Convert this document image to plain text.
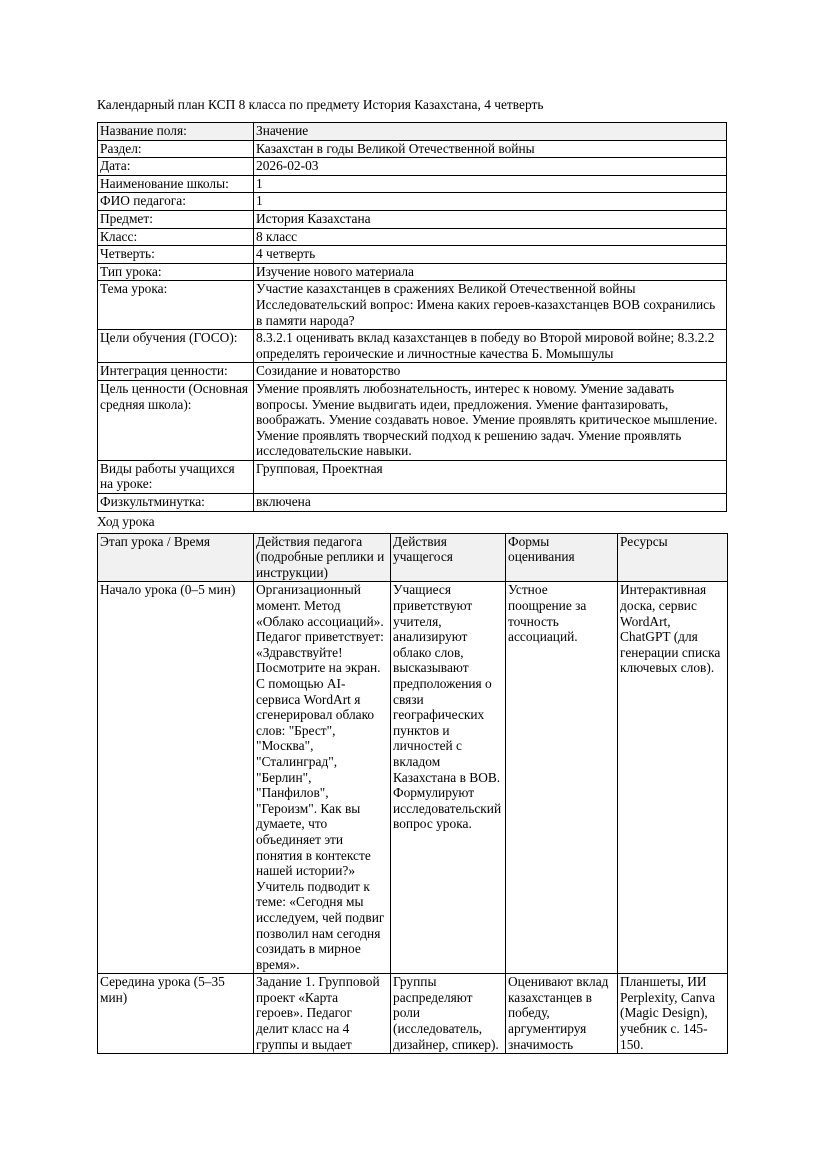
Календарный план КСП 8 класса по предмету История Казахстана, 4 четверть
Название поля:	Значение
Раздел:	Казахстан в годы Великой Отечественной войны
Дата:	2026-02-03
Наименование школы:	1
ФИО педагога:	1
Предмет:	История Казахстана
Класс:	8 класс
Четверть:	4 четверть
Тип урока:	Изучение нового материала
Тема урока:	Участие казахстанцев в сражениях Великой Отечественной войны Исследовательский вопрос: Имена каких героев-казахстанцев ВОВ сохранились в памяти народа?
Цели обучения (ГОСО):	8.3.2.1 оценивать вклад казахстанцев в победу во Второй мировой войне; 8.3.2.2 определять героические и личностные качества Б. Момышулы
Интеграция ценности:	Созидание и новаторство
Цель ценности (Основная средняя школа):	Умение проявлять любознательность, интерес к новому. Умение задавать вопросы. Умение выдвигать идеи, предложения. Умение фантазировать, воображать. Умение создавать новое. Умение проявлять критическое мышление. Умение проявлять творческий подход к решению задач. Умение проявлять исследовательские навыки.
Виды работы учащихся на уроке:	Групповая, Проектная
Физкультминутка:	включена
Ход урока
Этап урока / Время	Действия педагога (подробные реплики и инструкции)	Действия учащегося	Формы оценивания	Ресурсы
Начало урока (0–5 мин)	Организационный момент. Метод «Облако ассоциаций». Педагог приветствует: «Здравствуйте! Посмотрите на экран. С помощью AI-сервиса WordArt я сгенерировал облако слов: "Брест", "Москва", "Сталинград", "Берлин", "Панфилов", "Героизм". Как вы думаете, что объединяет эти понятия в контексте нашей истории?» Учитель подводит к теме: «Сегодня мы исследуем, чей подвиг позволил нам сегодня созидать в мирное время».	Учащиеся приветствуют учителя, анализируют облако слов, высказывают предположения о связи географических пунктов и личностей с вкладом Казахстана в ВОВ. Формулируют исследовательский вопрос урока.	Устное поощрение за точность ассоциаций.	Интерактивная доска, сервис WordArt, ChatGPT (для генерации списка ключевых слов).
Середина урока (5–35 мин)	Задание 1. Групповой проект «Карта героев». Педагог делит класс на 4 группы и выдает	Группы распределяют роли (исследователь, дизайнер, спикер).	Оценивают вклад казахстанцев в победу, аргументируя значимость	Планшеты, ИИ Perplexity, Canva (Magic Design), учебник с. 145-150.
